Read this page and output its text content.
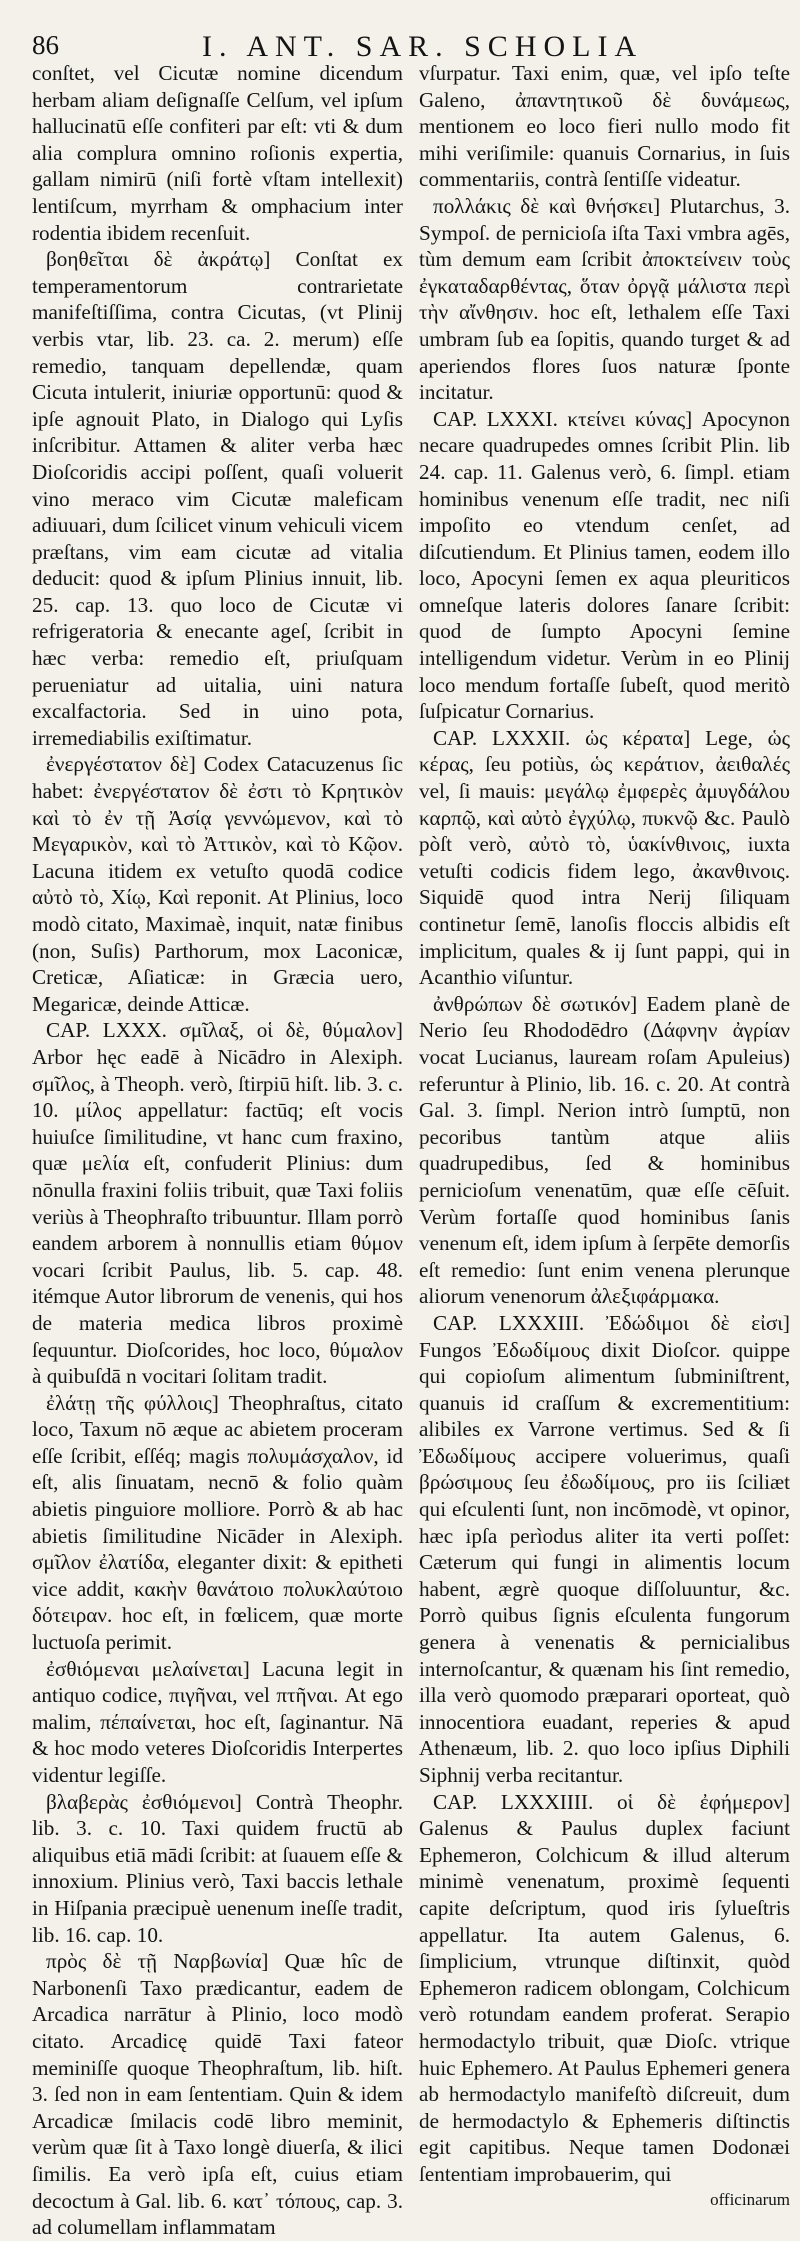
86	I. ANT. SAR. SCHOLIA

conſtet, vel Cicutæ nomine dicendum herbam aliam deſignaſſe Celſum, vel ipſum hallucinatū eſſe confiteri par eſt: vti & dum alia complura omnino roſionis expertia, gallam nimirū (niſi fortè vſtam intellexit) lentiſcum, myrrham & omphacium inter rodentia ibidem recenſuit.

βοηθεῖται δὲ ἀκράτῳ] Conſtat ex temperamentorum contrarietate manifeſtiſſima, contra Cicutas, (vt Plinij verbis vtar, lib. 23. ca. 2. merum) eſſe remedio, tanquam depellendæ, quam Cicuta intulerit, iniuriæ opportunū: quod & ipſe agnouit Plato, in Dialogo qui Lyſis inſcribitur. Attamen & aliter verba hæc Dioſcoridis accipi poſſent, quaſi voluerit vino meraco vim Cicutæ maleficam adiuuari, dum ſcilicet vinum vehiculi vicem præſtans, vim eam cicutæ ad vitalia deducit: quod & ipſum Plinius innuit, lib. 25. cap. 13. quo loco de Cicutæ vi refrigeratoria & enecante ageſ, ſcribit in hæc verba: remedio eſt, priuſquam perueniatur ad uitalia, uini natura excalfactoria. Sed in uino pota, irremediabilis exiſtimatur.

ἐνεργέστατον δὲ] Codex Catacuzenus ſic habet: ἐνεργέστατον δὲ ἐστι τὸ Κρητικὸν καὶ τὸ ἐν τῇ Ἀσίᾳ γεννώμενον, καὶ τὸ Μεγαρικὸν, καὶ τὸ Ἀττικὸν, καὶ τὸ Κῷον. Lacuna itidem ex vetuſto quodā codice αὐτὸ τὸ, Χίῳ, Καὶ reponit. At Plinius, loco modò citato, Maximaè, inquit, natæ finibus (non, Suſis) Parthorum, mox Laconicæ, Creticæ, Aſiaticæ: in Græcia uero, Megaricæ, deinde Atticæ.

CAP. LXXX. σμῖλαξ, οἱ δὲ, θύμαλον] Arbor hęc eadē à Nicādro in Alexiph. σμῖλος, à Theoph. verò, ſtirpiū hiſt. lib. 3. c. 10. μίλος appellatur: factūq; eſt vocis huiuſce ſimilitudine, vt hanc cum fraxino, quæ μελία eſt, confuderit Plinius: dum nōnulla fraxini foliis tribuit, quæ Taxi foliis veriùs à Theophraſto tribuuntur. Illam porrò eandem arborem à nonnullis etiam θύμον vocari ſcribit Paulus, lib. 5. cap. 48. itémque Autor librorum de venenis, qui hos de materia medica libros proximè ſequuntur. Dioſcorides, hoc loco, θύμαλον à quibuſdā n vocitari ſolitam tradit.

ἐλάτῃ τῆς φύλλοις] Theophraſtus, citato loco, Taxum nō æque ac abietem proceram eſſe ſcribit, eſſéq; magis πολυμάσχαλον, id eſt, alis ſinuatam, necnō & folio quàm abietis pinguiore molliore. Porrò & ab hac abietis ſimilitudine Nicāder in Alexiph. σμῖλον ἐλατίδα, eleganter dixit: & epitheti vice addit, κακὴν θανάτοιο πολυκλαύτοιο δότειραν. hoc eſt, in fœlicem, quæ morte luctuoſa perimit.

ἐσθιόμεναι μελαίνεται] Lacuna legit in antiquo codice, πιγῆναι, vel πτῆναι. At ego malim, πέπαίνεται, hoc eſt, ſaginantur. Nā & hoc modo veteres Dioſcoridis Interpertes videntur legiſſe.

βλαβερὰς ἐσθιόμενοι] Contrà Theophr. lib. 3. c. 10. Taxi quidem fructū ab aliquibus etiā mādi ſcribit: at ſuauem eſſe & innoxium. Plinius verò, Taxi baccis lethale in Hiſpania præcipuè uenenum ineſſe tradit, lib. 16. cap. 10.

πρὸς δὲ τῇ Ναρβωνία] Quæ hîc de Narbonenſi Taxo prædicantur, eadem de Arcadica narrātur à Plinio, loco modò citato. Arcadicę quidē Taxi fateor meminiſſe quoque Theophraſtum, lib. hiſt. 3. ſed non in eam ſententiam. Quin & idem Arcadicæ ſmilacis codē libro meminit, verùm quæ ſit à Taxo longè diuerſa, & ilici ſimilis. Ea verò ipſa eſt, cuius etiam decoctum à Gal. lib. 6. κατ᾽ τόπους, cap. 3. ad columellam inflammatam

vſurpatur. Taxi enim, quæ, vel ipſo teſte Galeno, ἀπαντητικοῦ δὲ δυνάμεως, mentionem eo loco fieri nullo modo fit mihi veriſimile: quanuis Cornarius, in ſuis commentariis, contrà ſentiſſe videatur.

πολλάκις δὲ καὶ θνήσκει] Plutarchus, 3. Sympoſ. de pernicioſa iſta Taxi vmbra agēs, tùm demum eam ſcribit ἀποκτείνειν τοὺς ἐγκαταδαρθέντας, ὅταν ὀργᾷ μάλιστα περὶ τὴν αἴνθησιν. hoc eſt, lethalem eſſe Taxi umbram ſub ea ſopitis, quando turget & ad aperiendos flores ſuos naturæ ſponte incitatur.

CAP. LXXXI. κτείνει κύνας] Apocynon necare quadrupedes omnes ſcribit Plin. lib 24. cap. 11. Galenus verò, 6. ſimpl. etiam hominibus venenum eſſe tradit, nec niſi impoſito eo vtendum cenſet, ad diſcutiendum. Et Plinius tamen, eodem illo loco, Apocyni ſemen ex aqua pleuriticos omneſque lateris dolores ſanare ſcribit: quod de ſumpto Apocyni ſemine intelligendum videtur. Verùm in eo Plinij loco mendum fortaſſe ſubeſt, quod meritò ſuſpicatur Cornarius.

CAP. LXXXII. ὡς κέρατα] Lege, ὡς κέρας, ſeu potiùs, ὡς κεράτιον, ἀειθαλές vel, ſi mauis: μεγάλῳ ἐμφερὲς ἀμυγδάλου καρπῷ, καὶ αὐτὸ ἐγχύλῳ, πυκνῷ &c. Paulò pòſt verò, αὐτὸ τὸ, ὑακίνθινοις, iuxta vetuſti codicis fidem lego, ἀκανθινοις. Siquidē quod intra Nerij ſiliquam continetur ſemē, lanoſis floccis albidis eſt implicitum, quales & ij ſunt pappi, qui in Acanthio viſuntur.

ἀνθρώπων δὲ σωτικόν] Eadem planè de Nerio ſeu Rhododēdro (Δάφνην ἀγρίαν vocat Lucianus, lauream roſam Apuleius) referuntur à Plinio, lib. 16. c. 20. At contrà Gal. 3. ſimpl. Nerion intrò ſumptū, non pecoribus tantùm atque aliis quadrupedibus, ſed & hominibus pernicioſum venenatūm, quæ eſſe cēſuit. Verùm fortaſſe quod hominibus ſanis venenum eſt, idem ipſum à ſerpēte demorſis eſt remedio: ſunt enim venena plerunque aliorum venenorum ἀλεξιφάρμακα.

CAP. LXXXIII. Ἐδώδιμοι δὲ εἰσι] Fungos Ἐδωδίμους dixit Dioſcor. quippe qui copioſum alimentum ſubminiſtrent, quanuis id craſſum & excrementitium: alibiles ex Varrone vertimus. Sed & ſi Ἐδωδίμους accipere voluerimus, quaſi βρώσιμους ſeu ἐδωδίμους, pro iis ſciliæt qui eſculenti ſunt, non incōmodè, vt opinor, hæc ipſa perìodus aliter ita verti poſſet: Cæterum qui fungi in alimentis locum habent, ægrè quoque diſſoluuntur, &c. Porrò quibus ſignis eſculenta fungorum genera à venenatis & pernicialibus internoſcantur, & quænam his ſint remedio, illa verò quomodo præparari oporteat, quò innocentiora euadant, reperies & apud Athenæum, lib. 2. quo loco ipſius Diphili Siphnij verba recitantur.

CAP. LXXXIIII. οἱ δὲ ἐφήμερον] Galenus & Paulus duplex faciunt Ephemeron, Colchicum & illud alterum minimè venenatum, proximè ſequenti capite deſcriptum, quod iris ſylueſtris appellatur. Ita autem Galenus, 6. ſimplicium, vtrunque diſtinxit, quòd Ephemeron radicem oblongam, Colchicum verò rotundam eandem proferat. Serapio hermodactylo tribuit, quæ Dioſc. vtrique huic Ephemero. At Paulus Ephemeri genera ab hermodactylo manifeſtò diſcreuit, dum de hermodactylo & Ephemeris diſtinctis egit capitibus. Neque tamen Dodonæi ſententiam improbauerim, qui

officinarum
